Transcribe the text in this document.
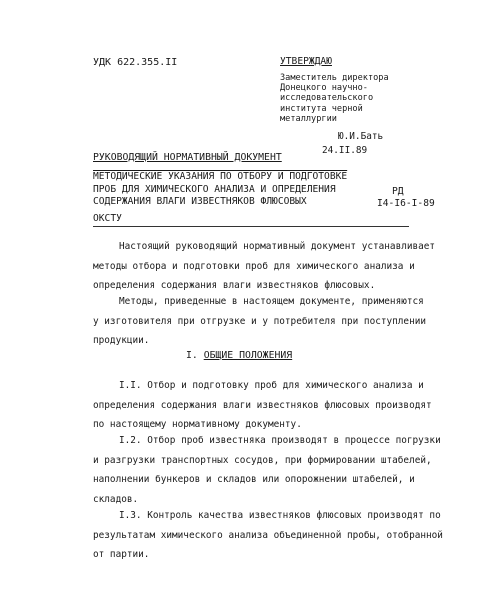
УДК 622.355.II	УТВЕРЖДАЮ
Заместитель директора
Донецкого научно-
исследовательского
института черной
металлургии
Ю.И.Бать
24.II.89
РУКОВОДЯЩИЙ НОРМАТИВНЫЙ ДОКУМЕНТ
МЕТОДИЧЕСКИЕ УКАЗАНИЯ ПО ОТБОРУ И ПОДГОТОВКЕ
ПРОБ ДЛЯ ХИМИЧЕСКОГО АНАЛИЗА И ОПРЕДЕЛЕНИЯ
СОДЕРЖАНИЯ ВЛАГИ ИЗВЕСТНЯКОВ ФЛЮСОВЫХ
РД
I4-I6-I-89
ОКСТУ
Настоящий руководящий нормативный документ устанавливает
методы отбора и подготовки проб для химического анализа и
определения содержания влаги известняков флюсовых.
Методы, приведенные в настоящем документе, применяются
у изготовителя при отгрузке и у потребителя при поступлении
продукции.
I. ОБЩИЕ ПОЛОЖЕНИЯ
I.I. Отбор и подготовку проб для химического анализа и
определения содержания влаги известняков флюсовых производят
по настоящему нормативному документу.
I.2. Отбор проб известняка производят в процессе погрузки
и разгрузки транспортных сосудов, при формировании штабелей,
наполнении бункеров и складов или опорожнении штабелей, и
складов.
I.3. Контроль качества известняков флюсовых производят по
результатам химического анализа объединенной пробы, отобранной
от партии.
